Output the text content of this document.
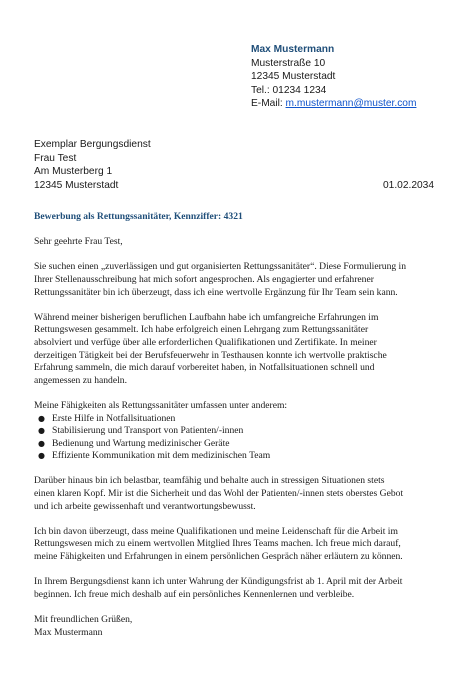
Max Mustermann
Musterstraße 10
12345 Musterstadt
Tel.: 01234 1234
E-Mail: m.mustermann@muster.com
Exemplar Bergungsdienst
Frau Test
Am Musterberg 1
12345 Musterstadt	01.02.2034
Bewerbung als Rettungssanitäter, Kennziffer: 4321

Sehr geehrte Frau Test,

Sie suchen einen „zuverlässigen und gut organisierten Rettungssanitäter“. Diese Formulierung in
Ihrer Stellenausschreibung hat mich sofort angesprochen. Als engagierter und erfahrener
Rettungssanitäter bin ich überzeugt, dass ich eine wertvolle Ergänzung für Ihr Team sein kann.

Während meiner bisherigen beruflichen Laufbahn habe ich umfangreiche Erfahrungen im
Rettungswesen gesammelt. Ich habe erfolgreich einen Lehrgang zum Rettungssanitäter
absolviert und verfüge über alle erforderlichen Qualifikationen und Zertifikate. In meiner
derzeitigen Tätigkeit bei der Berufsfeuerwehr in Testhausen konnte ich wertvolle praktische
Erfahrung sammeln, die mich darauf vorbereitet haben, in Notfallsituationen schnell und
angemessen zu handeln.

Meine Fähigkeiten als Rettungssanitäter umfassen unter anderem:
● Erste Hilfe in Notfallsituationen
● Stabilisierung und Transport von Patienten/-innen
● Bedienung und Wartung medizinischer Geräte
● Effiziente Kommunikation mit dem medizinischen Team

Darüber hinaus bin ich belastbar, teamfähig und behalte auch in stressigen Situationen stets
einen klaren Kopf. Mir ist die Sicherheit und das Wohl der Patienten/-innen stets oberstes Gebot
und ich arbeite gewissenhaft und verantwortungsbewusst.

Ich bin davon überzeugt, dass meine Qualifikationen und meine Leidenschaft für die Arbeit im
Rettungswesen mich zu einem wertvollen Mitglied Ihres Teams machen. Ich freue mich darauf,
meine Fähigkeiten und Erfahrungen in einem persönlichen Gespräch näher erläutern zu können.

In Ihrem Bergungsdienst kann ich unter Wahrung der Kündigungsfrist ab 1. April mit der Arbeit
beginnen. Ich freue mich deshalb auf ein persönliches Kennenlernen und verbleibe.

Mit freundlichen Grüßen,
Max Mustermann
